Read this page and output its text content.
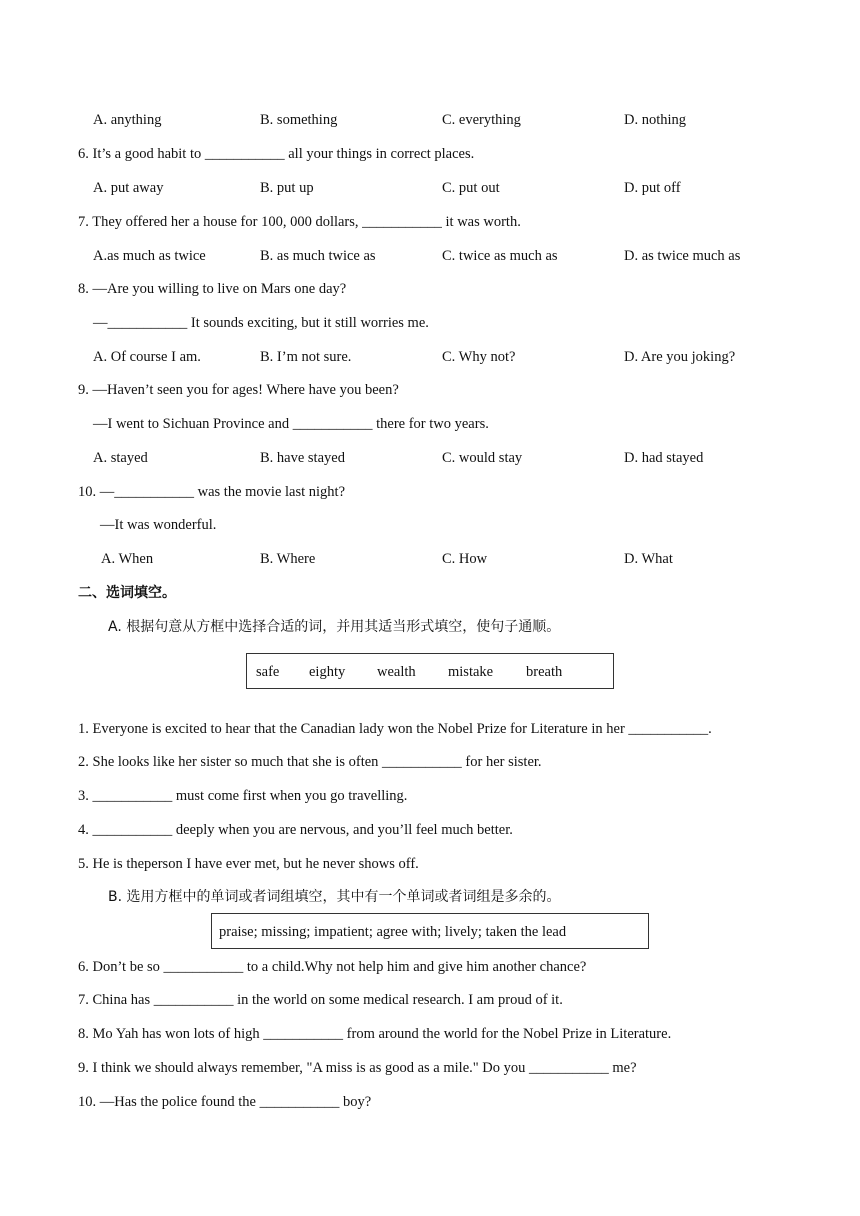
A. anything	B. something	C. everything	D. nothing
6. It’s a good habit to ___________ all your things in correct places.
A. put away	B. put up	C. put out	D. put off
7. They offered her a house for 100, 000 dollars, ___________ it was worth.
A.as much as twice	B. as much twice as	C. twice as much as	D. as twice much as
8. —Are you willing to live on Mars one day?
—___________ It sounds exciting, but it still worries me.
A. Of course I am.	B. I’m not sure.	C. Why not?	D. Are you joking?
9. —Haven’t seen you for ages! Where have you been?
—I went to Sichuan Province and ___________ there for two years.
A. stayed	B. have stayed	C. would stay	D. had stayed
10. —___________ was the movie last night?
—It was wonderful.
A. When	B. Where	C. How	D. What
二、选词填空。
A. 根据句意从方框中选择合适的词，并用其适当形式填空，使句子通顺。
safe eighty wealth mistake breath
1. Everyone is excited to hear that the Canadian lady won the Nobel Prize for Literature in her ___________.
2. She looks like her sister so much that she is often ___________ for her sister.
3. ___________ must come first when you go travelling.
4. ___________ deeply when you are nervous, and you’ll feel much better.
5. He is theperson I have ever met, but he never shows off.
B. 选用方框中的单词或者词组填空，其中有一个单词或者词组是多余的。
praise; missing; impatient; agree with; lively; taken the lead
6. Don’t be so ___________ to a child.Why not help him and give him another chance?
7. China has ___________ in the world on some medical research. I am proud of it.
8. Mo Yah has won lots of high ___________ from around the world for the Nobel Prize in Literature.
9. I think we should always remember, "A miss is as good as a mile." Do you ___________ me?
10. —Has the police found the ___________ boy?
